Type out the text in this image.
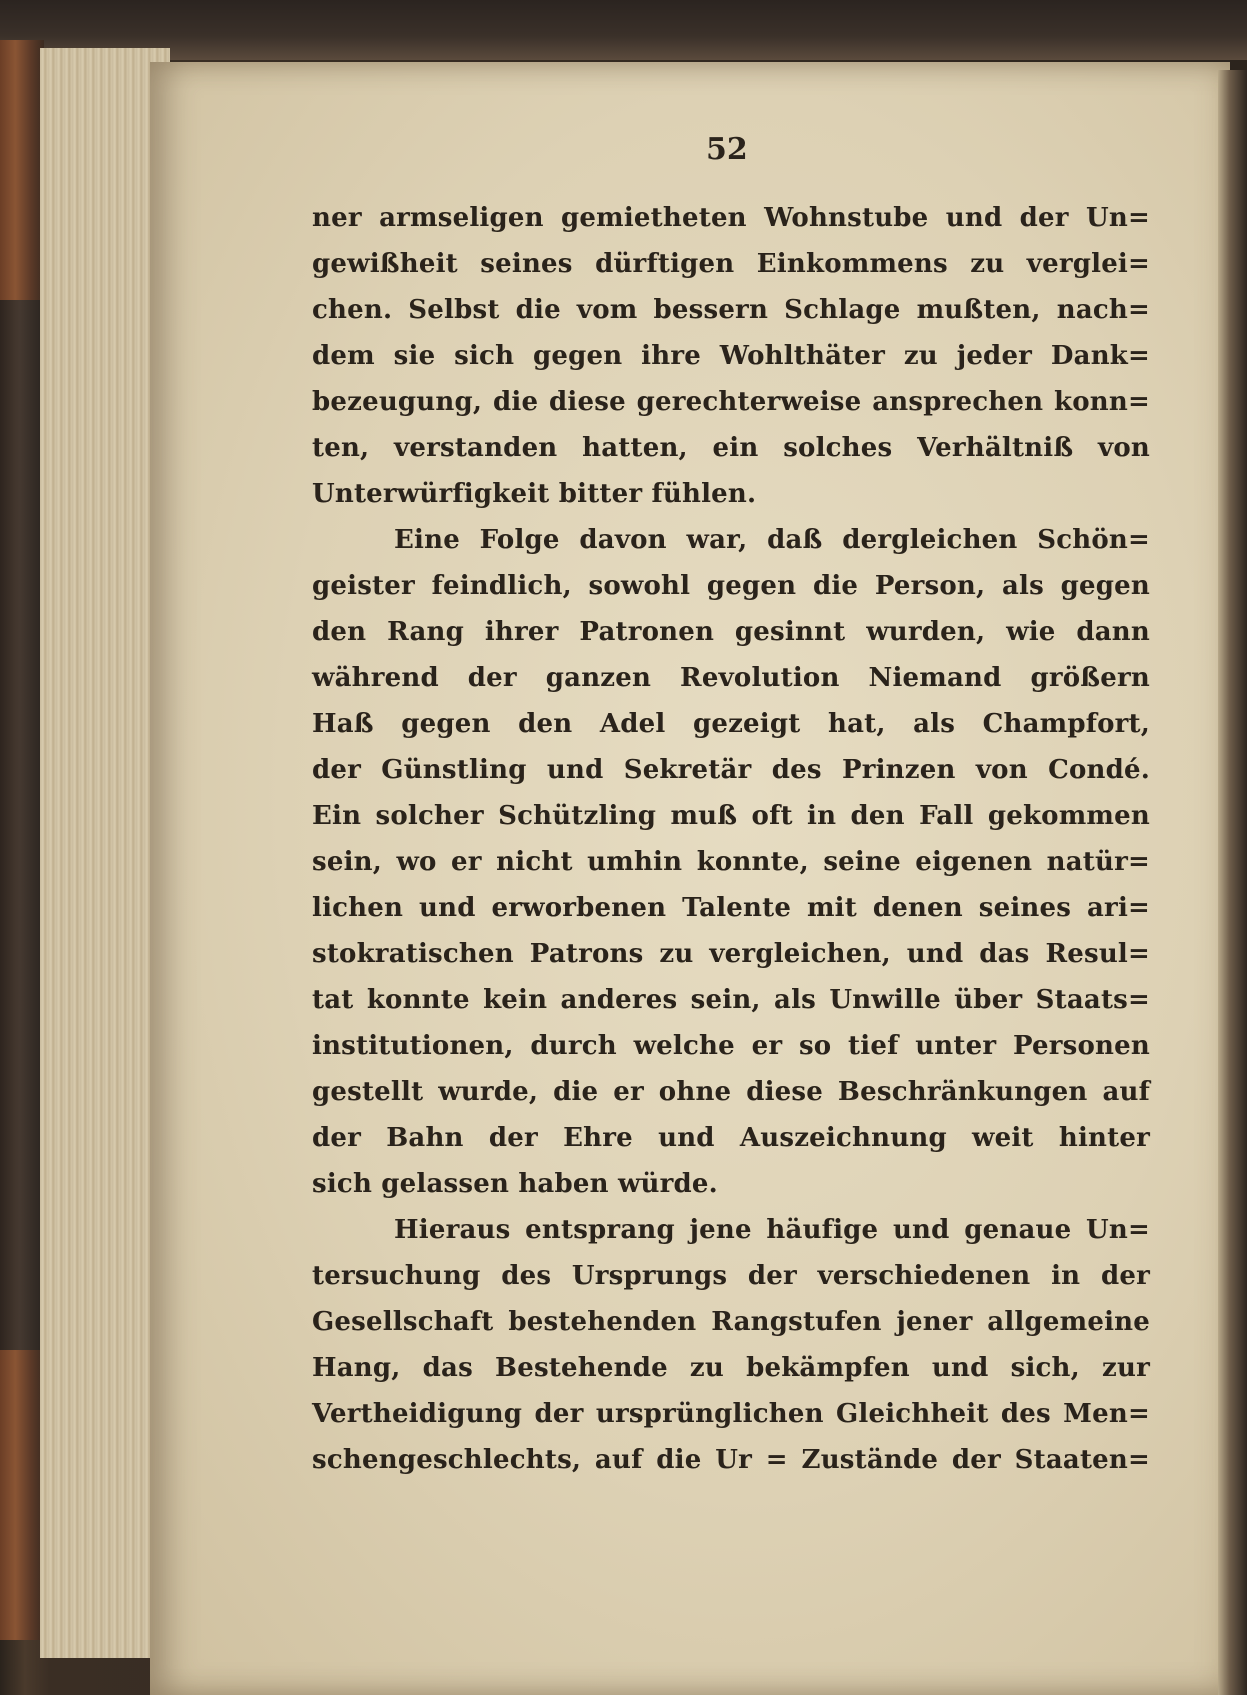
52
ner armseligen gemietheten Wohnstube und der Un=
gewißheit seines dürftigen Einkommens zu verglei=
chen. Selbst die vom bessern Schlage mußten, nach=
dem sie sich gegen ihre Wohlthäter zu jeder Dank=
bezeugung, die diese gerechterweise ansprechen konn=
ten, verstanden hatten, ein solches Verhältniß von
Unterwürfigkeit bitter fühlen.
Eine Folge davon war, daß dergleichen Schön=
geister feindlich, sowohl gegen die Person, als gegen
den Rang ihrer Patronen gesinnt wurden, wie dann
während der ganzen Revolution Niemand größern
Haß gegen den Adel gezeigt hat, als Champfort,
der Günstling und Sekretär des Prinzen von Condé.
Ein solcher Schützling muß oft in den Fall gekommen
sein, wo er nicht umhin konnte, seine eigenen natür=
lichen und erworbenen Talente mit denen seines ari=
stokratischen Patrons zu vergleichen, und das Resul=
tat konnte kein anderes sein, als Unwille über Staats=
institutionen, durch welche er so tief unter Personen
gestellt wurde, die er ohne diese Beschränkungen auf
der Bahn der Ehre und Auszeichnung weit hinter
sich gelassen haben würde.
Hieraus entsprang jene häufige und genaue Un=
tersuchung des Ursprungs der verschiedenen in der
Gesellschaft bestehenden Rangstufen jener allgemeine
Hang, das Bestehende zu bekämpfen und sich, zur
Vertheidigung der ursprünglichen Gleichheit des Men=
schengeschlechts, auf die Ur = Zustände der Staaten=
